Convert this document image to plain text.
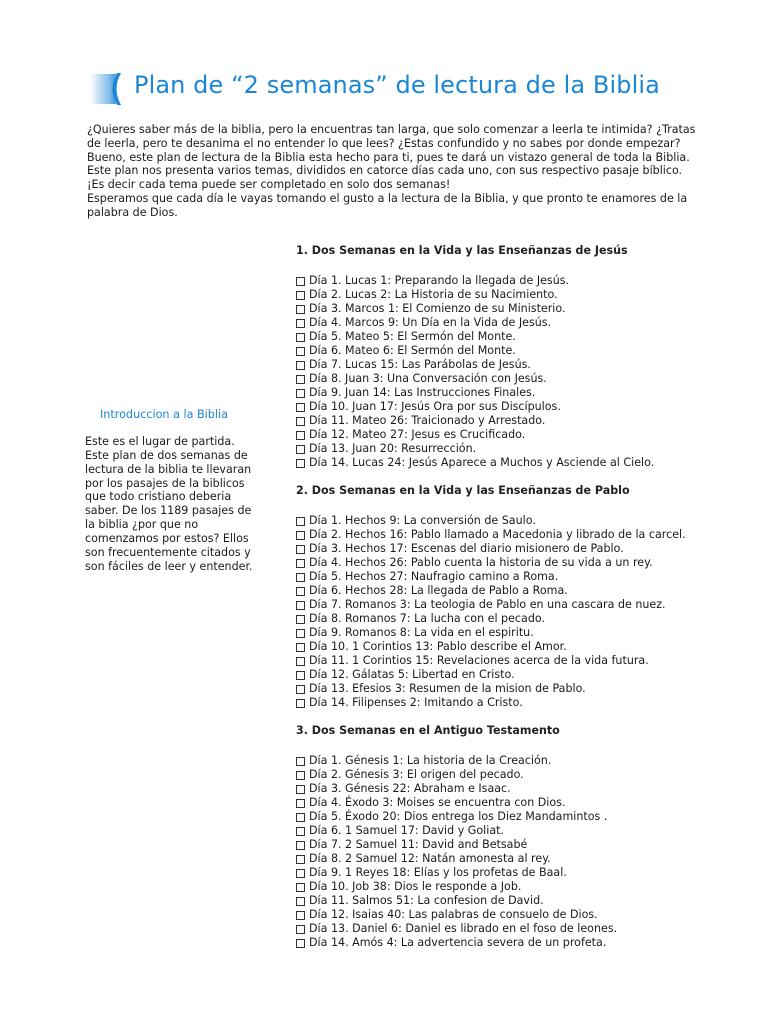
Plan de “2 semanas” de lectura de la Biblia

¿Quieres saber más de la biblia, pero la encuentras tan larga, que solo comenzar a leerla te intimida? ¿Tratas de leerla, pero te desanima el no entender lo que lees? ¿Estas confundido y no sabes por donde empezar? Bueno, este plan de lectura de la Biblia esta hecho para ti, pues te dará un vistazo general de toda la Biblia. Este plan nos presenta varios temas, divididos en catorce días cada uno, con sus respectivo pasaje bíblico. ¡Es decir cada tema puede ser completado en solo dos semanas!

Esperamos que cada día le vayas tomando el gusto a la lectura de la Biblia, y que pronto te enamores de la palabra de Dios.

Introduccion a la Biblia

Este es el lugar de partida. Este plan de dos semanas de lectura de la biblia te llevaran por los pasajes de la biblicos que todo cristiano deberia saber. De los 1189 pasajes de la biblia ¿por que no comenzamos por estos? Ellos son frecuentemente citados y son fáciles de leer y entender.

1. Dos Semanas en la Vida y las Enseñanzas de Jesús
Día 1. Lucas 1: Preparando la llegada de Jesús.
Día 2. Lucas 2: La Historia de su Nacimiento.
Día 3. Marcos 1: El Comienzo de su Ministerio.
Día 4. Marcos 9: Un Día en la Vida de Jesús.
Día 5. Mateo 5: El Sermón del Monte.
Día 6. Mateo 6: El Sermón del Monte.
Día 7. Lucas 15: Las Parábolas de Jesús.
Día 8. Juan 3: Una Conversación con Jesús.
Día 9. Juan 14: Las Instrucciones Finales.
Día 10. Juan 17: Jesús Ora por sus Discípulos.
Día 11. Mateo 26: Traicionado y Arrestado.
Día 12. Mateo 27: Jesus es Crucificado.
Día 13. Juan 20: Resurrección.
Día 14. Lucas 24: Jesús Aparece a Muchos y Asciende al Cielo.
2. Dos Semanas en la Vida y las Enseñanzas de Pablo
Día 1. Hechos 9: La conversión de Saulo.
Día 2. Hechos 16: Pablo llamado a Macedonia y librado de la carcel.
Día 3. Hechos 17: Escenas del diario misionero de Pablo.
Día 4. Hechos 26: Pablo cuenta la historia de su vida a un rey.
Día 5. Hechos 27: Naufragio camino a Roma.
Día 6. Hechos 28: La llegada de Pablo a Roma.
Día 7. Romanos 3: La teologia de Pablo en una cascara de nuez.
Día 8. Romanos 7: La lucha con el pecado.
Día 9. Romanos 8: La vida en el espiritu.
Día 10. 1 Corintios 13: Pablo describe el Amor.
Día 11. 1 Corintios 15: Revelaciones acerca de la vida futura.
Día 12. Gálatas 5: Libertad en Cristo.
Día 13. Efesios 3: Resumen de la mision de Pablo.
Día 14. Filipenses 2: Imitando a Cristo.
3. Dos Semanas en el Antiguo Testamento
Día 1. Génesis 1: La historia de la Creación.
Día 2. Génesis 3: El origen del pecado.
Día 3. Génesis 22: Abraham e Isaac.
Día 4. Éxodo 3: Moises se encuentra con Dios.
Día 5. Éxodo 20: Dios entrega los Diez Mandamintos .
Día 6. 1 Samuel 17: David y Goliat.
Día 7. 2 Samuel 11: David and Betsabé
Día 8. 2 Samuel 12: Natán amonesta al rey.
Día 9. 1 Reyes 18: Elías y los profetas de Baal.
Día 10. Job 38: Dios le responde a Job.
Día 11. Salmos 51: La confesion de David.
Día 12. Isaias 40: Las palabras de consuelo de Dios.
Día 13. Daniel 6: Daniel es librado en el foso de leones.
Día 14. Amós 4: La advertencia severa de un profeta.
